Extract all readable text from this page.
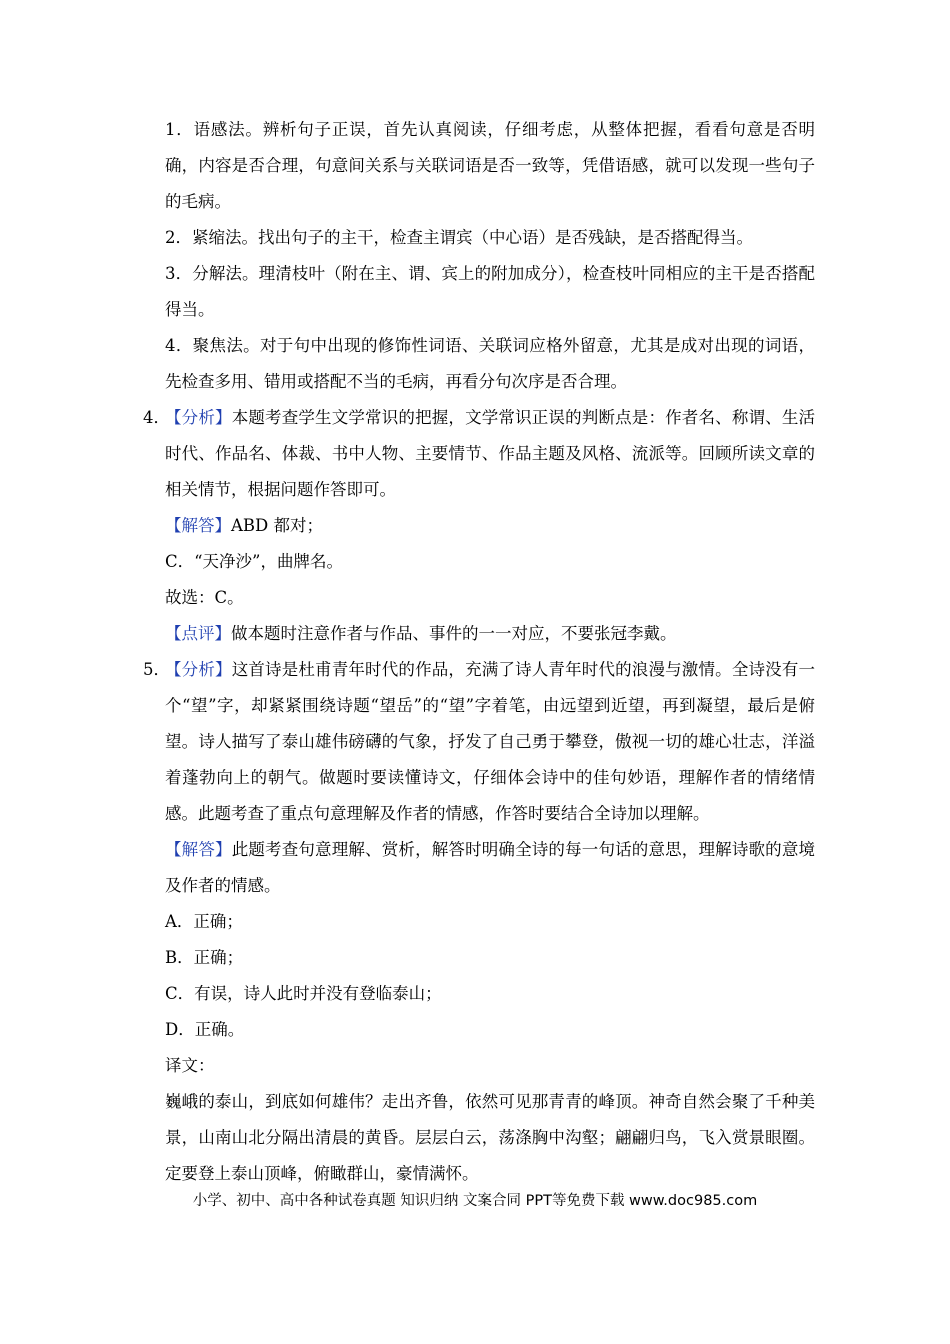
1．语感法。辨析句子正误，首先认真阅读，仔细考虑，从整体把握，看看句意是否明确，内容是否合理，句意间关系与关联词语是否一致等，凭借语感，就可以发现一些句子的毛病。

2．紧缩法。找出句子的主干，检查主谓宾（中心语）是否残缺，是否搭配得当。

3．分解法。理清枝叶（附在主、谓、宾上的附加成分），检查枝叶同相应的主干是否搭配得当。

4．聚焦法。对于句中出现的修饰性词语、关联词应格外留意，尤其是成对出现的词语，先检查多用、错用或搭配不当的毛病，再看分句次序是否合理。

4．

【分析】本题考查学生文学常识的把握，文学常识正误的判断点是：作者名、称谓、生活时代、作品名、体裁、书中人物、主要情节、作品主题及风格、流派等。回顾所读文章的相关情节，根据问题作答即可。

【解答】ABD 都对；

C．“天净沙”，曲牌名。

故选：C。

【点评】做本题时注意作者与作品、事件的一一对应，不要张冠李戴。

5．

【分析】这首诗是杜甫青年时代的作品，充满了诗人青年时代的浪漫与激情。全诗没有一个“望”字，却紧紧围绕诗题“望岳”的“望”字着笔，由远望到近望，再到凝望，最后是俯望。诗人描写了泰山雄伟磅礴的气象，抒发了自己勇于攀登，傲视一切的雄心壮志，洋溢着蓬勃向上的朝气。做题时要读懂诗文，仔细体会诗中的佳句妙语，理解作者的情绪情感。此题考查了重点句意理解及作者的情感，作答时要结合全诗加以理解。

【解答】此题考查句意理解、赏析，解答时明确全诗的每一句话的意思，理解诗歌的意境及作者的情感。

A．正确；

B．正确；

C．有误，诗人此时并没有登临泰山；

D．正确。

译文：

巍峨的泰山，到底如何雄伟？走出齐鲁，依然可见那青青的峰顶。神奇自然会聚了千种美景，山南山北分隔出清晨的黄昏。层层白云，荡涤胸中沟壑；翩翩归鸟，飞入赏景眼圈。定要登上泰山顶峰，俯瞰群山，豪情满怀。

小学、初中、高中各种试卷真题 知识归纳 文案合同 PPT等免费下载 www.doc985.com
